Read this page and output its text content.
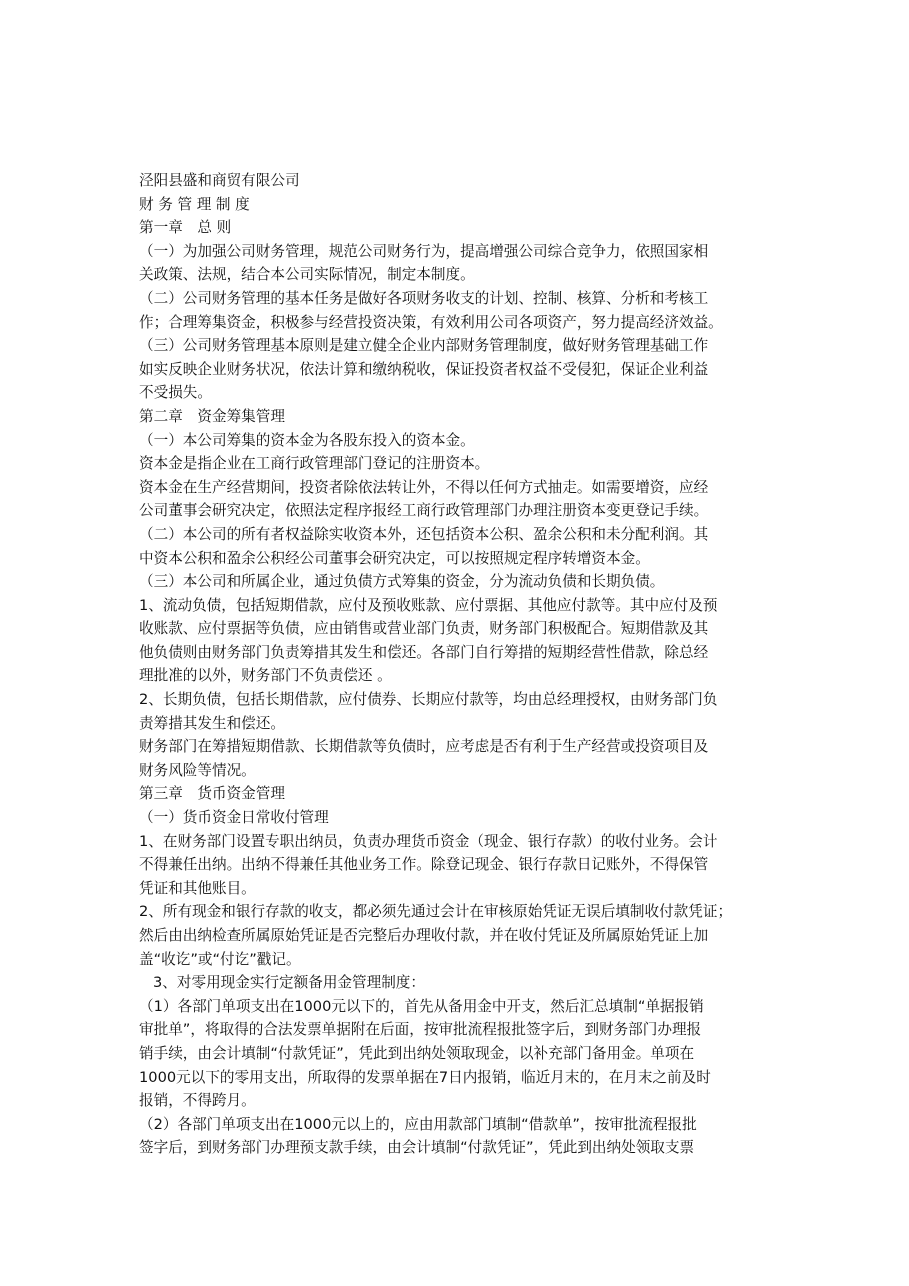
泾阳县盛和商贸有限公司

财 务 管 理 制 度

第一章　总 则

（一）为加强公司财务管理，规范公司财务行为，提高增强公司综合竞争力，依照国家相

关政策、法规，结合本公司实际情况，制定本制度。

（二）公司财务管理的基本任务是做好各项财务收支的计划、控制、核算、分析和考核工

作；合理筹集资金，积极参与经营投资决策，有效利用公司各项资产，努力提高经济效益。

（三）公司财务管理基本原则是建立健全企业内部财务管理制度，做好财务管理基础工作

如实反映企业财务状况，依法计算和缴纳税收，保证投资者权益不受侵犯，保证企业利益

不受损失。

第二章　资金筹集管理

（一）本公司筹集的资本金为各股东投入的资本金。

资本金是指企业在工商行政管理部门登记的注册资本。

资本金在生产经营期间，投资者除依法转让外，不得以任何方式抽走。如需要增资，应经

公司董事会研究决定，依照法定程序报经工商行政管理部门办理注册资本变更登记手续。

（二）本公司的所有者权益除实收资本外，还包括资本公积、盈余公积和未分配利润。其

中资本公积和盈余公积经公司董事会研究决定，可以按照规定程序转增资本金。

（三）本公司和所属企业，通过负债方式筹集的资金，分为流动负债和长期负债。

1、流动负债，包括短期借款，应付及预收账款、应付票据、其他应付款等。其中应付及预

收账款、应付票据等负债，应由销售或营业部门负责，财务部门积极配合。短期借款及其

他负债则由财务部门负责筹措其发生和偿还。各部门自行筹措的短期经营性借款，除总经

理批准的以外，财务部门不负责偿还 。

2、长期负债，包括长期借款，应付债券、长期应付款等，均由总经理授权，由财务部门负

责筹措其发生和偿还。

财务部门在筹措短期借款、长期借款等负债时，应考虑是否有利于生产经营或投资项目及

财务风险等情况。

第三章　货币资金管理

（一）货币资金日常收付管理

1、在财务部门设置专职出纳员，负责办理货币资金（现金、银行存款）的收付业务。会计

不得兼任出纳。出纳不得兼任其他业务工作。除登记现金、银行存款日记账外，不得保管

凭证和其他账目。

2、所有现金和银行存款的收支，都必须先通过会计在审核原始凭证无误后填制收付款凭证；

然后由出纳检查所属原始凭证是否完整后办理收付款，并在收付凭证及所属原始凭证上加

盖“收讫”或“付讫”戳记。

3、对零用现金实行定额备用金管理制度：

（1）各部门单项支出在1000元以下的，首先从备用金中开支，然后汇总填制“单据报销

审批单”，将取得的合法发票单据附在后面，按审批流程报批签字后，到财务部门办理报

销手续，由会计填制“付款凭证”，凭此到出纳处领取现金，以补充部门备用金。单项在

1000元以下的零用支出，所取得的发票单据在7日内报销，临近月末的，在月末之前及时

报销，不得跨月。

（2）各部门单项支出在1000元以上的，应由用款部门填制“借款单”，按审批流程报批

签字后，到财务部门办理预支款手续，由会计填制“付款凭证”，凭此到出纳处领取支票
